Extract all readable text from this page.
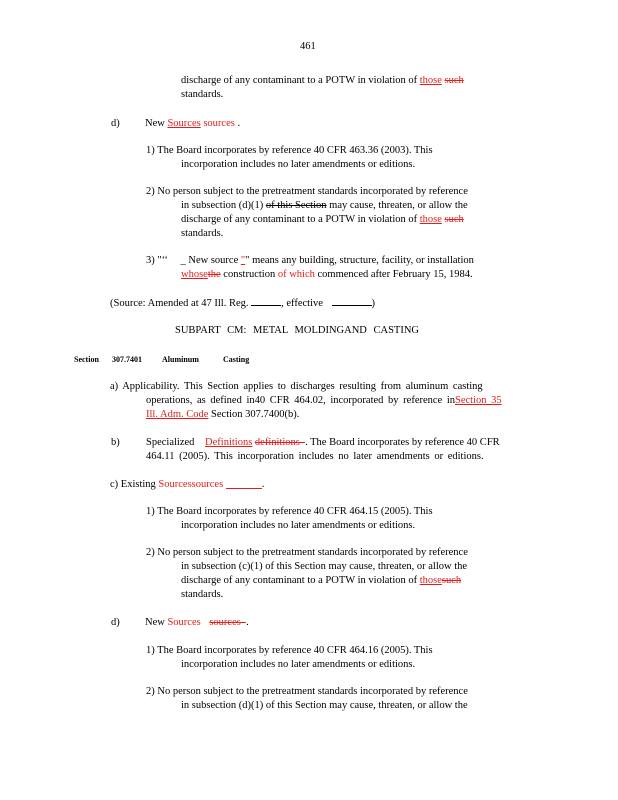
461
discharge of any contaminant to a POTW in violation of those such
standards.
d) New Sources sources .
1) The Board incorporates by reference 40 CFR 463.36 (2003). This
incorporation includes no later amendments or editions.
2) No person subject to the pretreatment standards incorporated by reference
in subsection (d)(1) of this Section may cause, threaten, or allow the
discharge of any contaminant to a POTW in violation of those such
standards.
3) "‘‘ _ New source "" means any building, structure, facility, or installation
whosethe construction of which commenced after February 15, 1984.
(Source: Amended at 47 Ill. Reg.	, effective	)
SUBPART CM: METAL MOLDINGAND CASTING
Section 307.7401	Aluminum	Casting
a) Applicability. This Section applies to discharges resulting from aluminum casting
operations, as defined in40 CFR 464.02, incorporated by reference inSection 35
Ill. Adm. Code Section 307.7400(b).
b)	Specialized Definitions definitions . The Board incorporates by reference 40 CFR
464.11 (2005). This incorporation includes no later amendments or editions.
c) Existing Sourcessources	.
1) The Board incorporates by reference 40 CFR 464.15 (2005). This
incorporation includes no later amendments or editions.
2) No person subject to the pretreatment standards incorporated by reference
in subsection (c)(1) of this Section may cause, threaten, or allow the
discharge of any contaminant to a POTW in violation of thosesuch
standards.
d) New Sources sources .
1) The Board incorporates by reference 40 CFR 464.16 (2005). This
incorporation includes no later amendments or editions.
2) No person subject to the pretreatment standards incorporated by reference
in subsection (d)(1) of this Section may cause, threaten, or allow the
